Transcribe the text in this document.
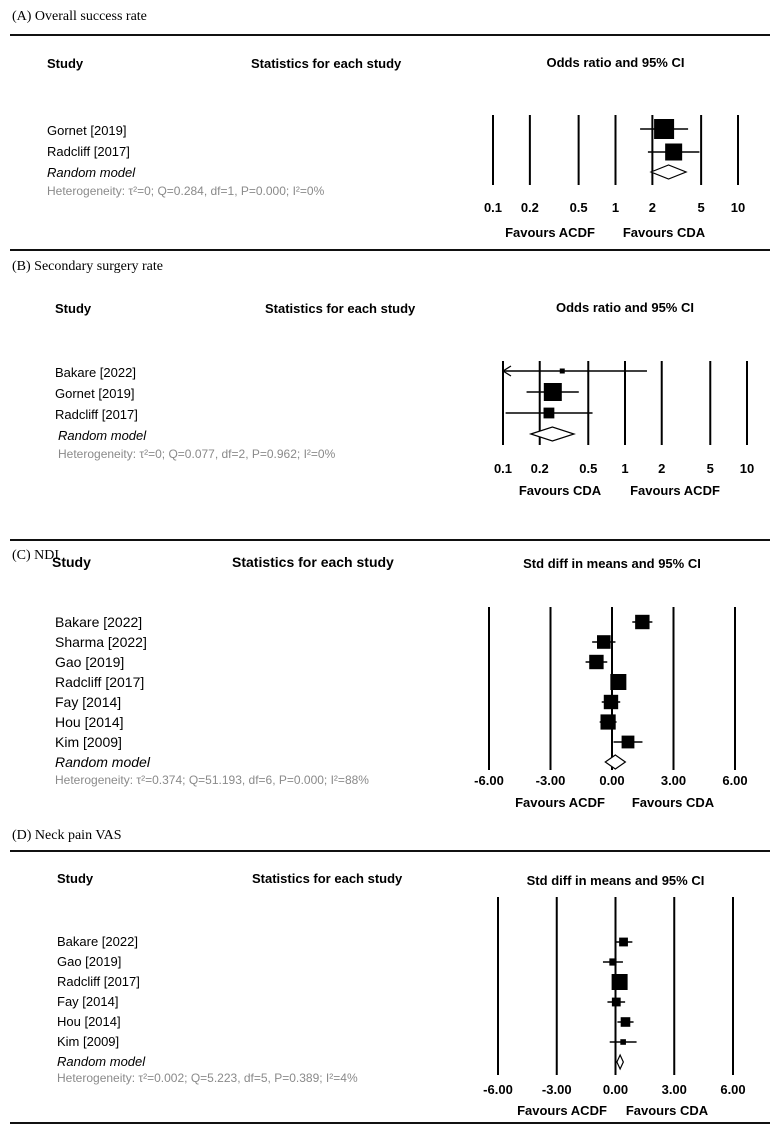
(A) Overall success rate
Study	Statistics for each study
Gornet [2019]
Radcliff [2017]
Random model
Heterogeneity: τ²=0; Q=0.284, df=1, P=0.000; I²=0%
Odds ratio and 95% CI
0.1 0.2 0.5 1 2	5 10
Favours ACDF Favours CDA
(B) Secondary surgery rate
Study	Statistics for each study
Bakare [2022]
Gornet [2019]
Radcliff [2017]
Random model
Heterogeneity: τ²=0; Q=0.077, df=2, P=0.962; I²=0%
Odds ratio and 95% CI
0.1 0.2 0.5 1 2	5 10
Favours CDA Favours ACDF
(C) NDI
Study	Statistics for each study
Bakare [2022]
Sharma [2022]
Gao [2019]
Radcliff [2017]
Fay [2014]
Hou [2014]
Kim [2009]
Random model
Heterogeneity: τ²=0.374; Q=51.193, df=6, P=0.000; I²=88%
Std diff in means and 95% CI
-6.00 -3.00	0.00	3.00	6.00
Favours ACDF Favours CDA
(D) Neck pain VAS
Study	Statistics for each study
Bakare [2022]
Gao [2019]
Radcliff [2017]
Fay [2014]
Hou [2014]
Kim [2009]
Random model
Heterogeneity: τ²=0.002; Q=5.223, df=5, P=0.389; I²=4%
Std diff in means and 95% CI
-6.00 -3.00 0.00	3.00	6.00
Favours ACDF Favours CDA
